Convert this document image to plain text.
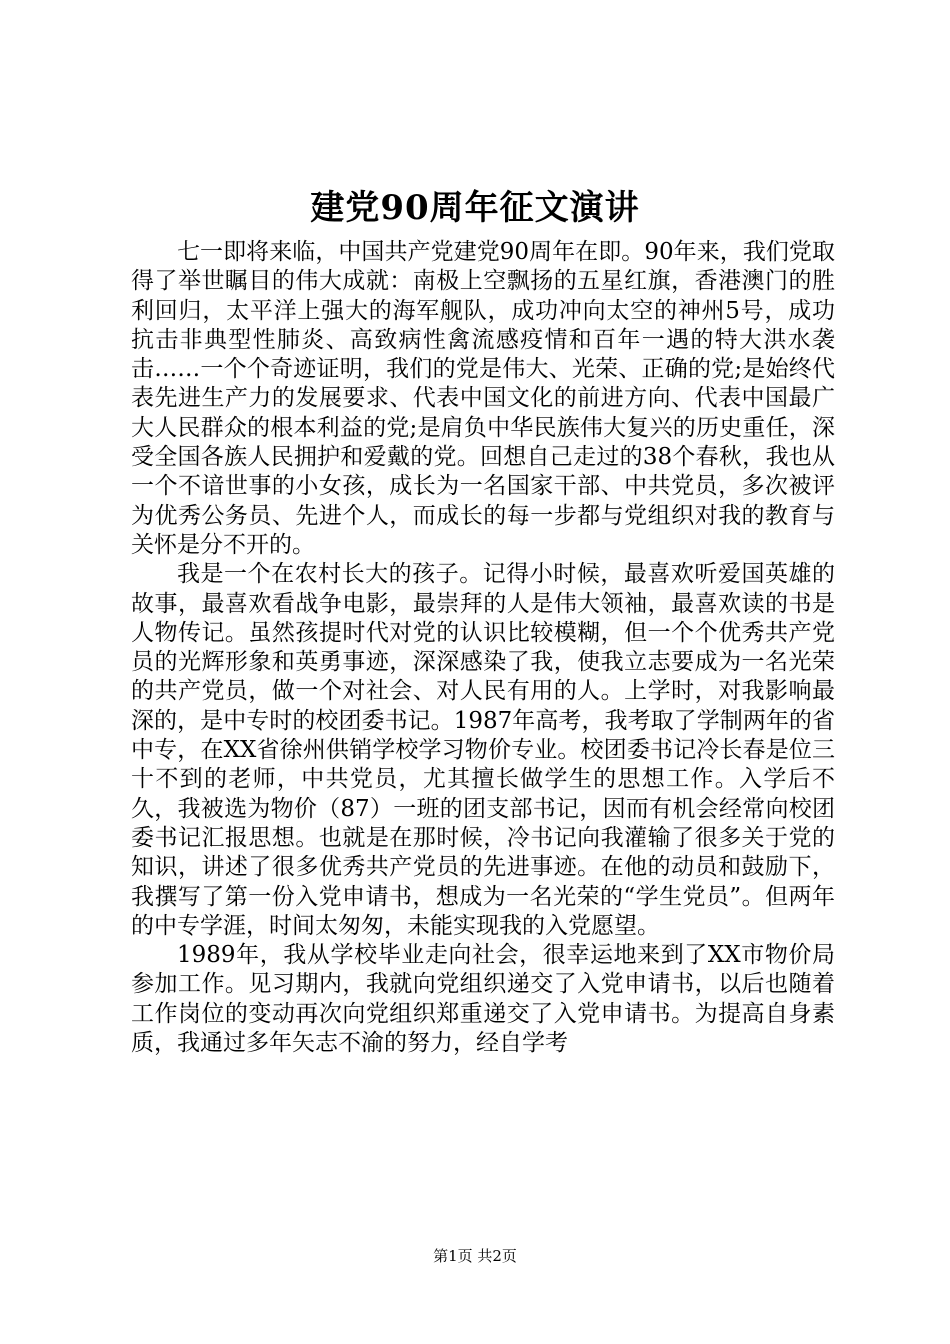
建党90周年征文演讲

七一即将来临，中国共产党建党90周年在即。90年来，我们党取得了举世瞩目的伟大成就：南极上空飘扬的五星红旗，香港澳门的胜利回归，太平洋上强大的海军舰队，成功冲向太空的神州5号，成功抗击非典型性肺炎、高致病性禽流感疫情和百年一遇的特大洪水袭击……一个个奇迹证明，我们的党是伟大、光荣、正确的党;是始终代表先进生产力的发展要求、代表中国文化的前进方向、代表中国最广大人民群众的根本利益的党;是肩负中华民族伟大复兴的历史重任，深受全国各族人民拥护和爱戴的党。回想自己走过的38个春秋，我也从一个不谙世事的小女孩，成长为一名国家干部、中共党员，多次被评为优秀公务员、先进个人，而成长的每一步都与党组织对我的教育与关怀是分不开的。

我是一个在农村长大的孩子。记得小时候，最喜欢听爱国英雄的故事，最喜欢看战争电影，最崇拜的人是伟大领袖，最喜欢读的书是人物传记。虽然孩提时代对党的认识比较模糊，但一个个优秀共产党员的光辉形象和英勇事迹，深深感染了我，使我立志要成为一名光荣的共产党员，做一个对社会、对人民有用的人。上学时，对我影响最深的，是中专时的校团委书记。1987年高考，我考取了学制两年的省中专，在XX省徐州供销学校学习物价专业。校团委书记冷长春是位三十不到的老师，中共党员，尤其擅长做学生的思想工作。入学后不久，我被选为物价（87）一班的团支部书记，因而有机会经常向校团委书记汇报思想。也就是在那时候，冷书记向我灌输了很多关于党的知识，讲述了很多优秀共产党员的先进事迹。在他的动员和鼓励下，我撰写了第一份入党申请书，想成为一名光荣的“学生党员”。但两年的中专学涯，时间太匆匆，未能实现我的入党愿望。

1989年，我从学校毕业走向社会，很幸运地来到了XX市物价局参加工作。见习期内，我就向党组织递交了入党申请书，以后也随着工作岗位的变动再次向党组织郑重递交了入党申请书。为提高自身素质，我通过多年矢志不渝的努力，经自学考

第1页 共2页
